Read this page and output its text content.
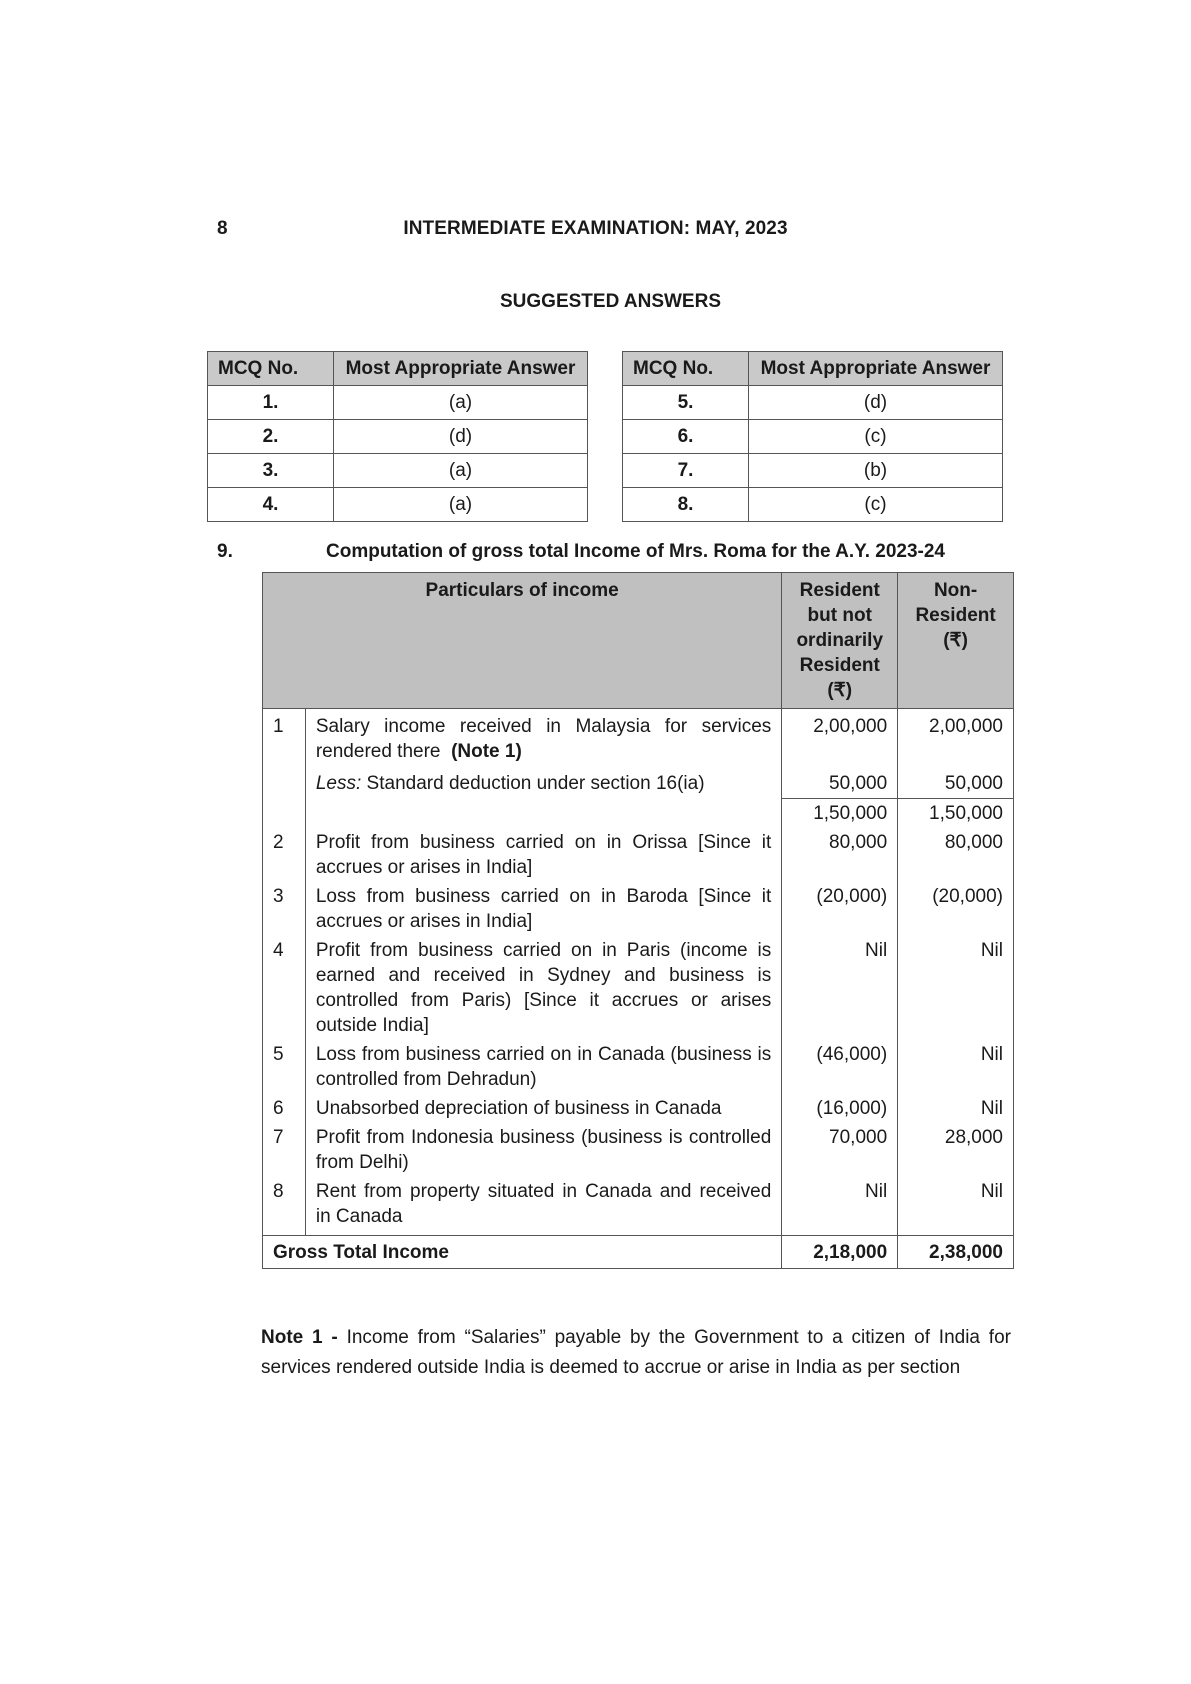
8	INTERMEDIATE EXAMINATION: MAY, 2023
SUGGESTED ANSWERS
MCQ No.	Most Appropriate Answer
1.	(a)
2.	(d)
3.	(a)
4.	(a)
MCQ No.	Most Appropriate Answer
5.	(d)
6.	(c)
7.	(b)
8.	(c)
9.	Computation of gross total Income of Mrs. Roma for the A.Y. 2023-24
Particulars of income		Resident but not ordinarily Resident (₹)	Non-Resident (₹)
1	Salary income received in Malaysia for services rendered there (Note 1)	2,00,000	2,00,000
	Less: Standard deduction under section 16(ia)	50,000	50,000
		1,50,000	1,50,000
2	Profit from business carried on in Orissa [Since it accrues or arises in India]	80,000	80,000
3	Loss from business carried on in Baroda [Since it accrues or arises in India]	(20,000)	(20,000)
4	Profit from business carried on in Paris (income is earned and received in Sydney and business is controlled from Paris) [Since it accrues or arises outside India]	Nil	Nil
5	Loss from business carried on in Canada (business is controlled from Dehradun)	(46,000)	Nil
6	Unabsorbed depreciation of business in Canada	(16,000)	Nil
7	Profit from Indonesia business (business is controlled from Delhi)	70,000	28,000
8	Rent from property situated in Canada and received in Canada	Nil	Nil
Gross Total Income		2,18,000	2,38,000
Note 1 - Income from “Salaries” payable by the Government to a citizen of India for services rendered outside India is deemed to accrue or arise in India as per section
